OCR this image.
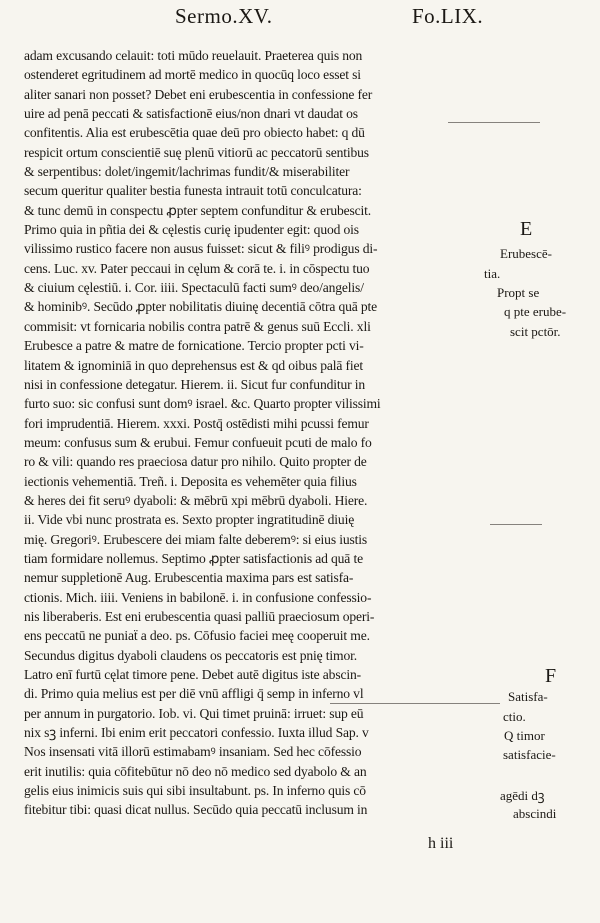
Sermo.XV.	Fo.LIX.
adam excusando celauit: toti mūdo reuelauit. Praeterea quis non
ostenderet egritudinem ad mortē medico in quocūq loco esset si
aliter sanari non posset? Debet eni erubescentia in confessione fer
uire ad penā peccati & satisfactionē eius/non dnari vt daudat os
confitentis. Alia est erubescētia quae deū pro obiecto habet: q dū
respicit ortum conscientiē suę plenū vitiorū ac peccatorū sentibus
& serpentibus: dolet/ingemit/lachrimas fundit/& miserabiliter
secum queritur qualiter bestia funesta intrauit totū conculcatura:
& tunc demū in conspectu ꝓpter septem confunditur & erubescit.
Primo quia in pñtia dei & cęlestis curię ipudenter egit: quod ois
vilissimo rustico facere non ausus fuisset: sicut & filiꝰ prodigus di-
cens. Luc. xv. Pater peccaui in cęlum & corā te. i. in cōspectu tuo
& ciuium cęlestiū. i. Cor. iiii. Spectaculū facti sumꝰ deo/angelis/
& hominibꝰ. Secūdo ꝓpter nobilitatis diuinę decentiā cōtra quā pte
commisit: vt fornicaria nobilis contra patrē & genus suū Eccli. xli
Erubesce a patre & matre de fornicatione. Tercio propter pcti vi-
litatem & ignominiā in quo deprehensus est & qd oibus palā fiet
nisi in confessione detegatur. Hierem. ii. Sicut fur confunditur in
furto suo: sic confusi sunt domꝰ israel. &c. Quarto propter vilissimi
fori imprudentiā. Hierem. xxxi. Postq̄ ostēdisti mihi pcussi femur
meum: confusus sum & erubui. Femur confueuit pcuti de malo fo
ro & vili: quando res praeciosa datur pro nihilo. Quito propter de
iectionis vehementiā. Treñ. i. Deposita es vehemēter quia filius
& heres dei fit seruꝰ dyaboli: & mēbrū xpi mēbrū dyaboli. Hiere.
ii. Vide vbi nunc prostrata es. Sexto propter ingratitudinē diuię
mię. Gregoriꝰ. Erubescere dei miam falte deberemꝰ: si eius iustis
tiam formidare nollemus. Septimo ꝓpter satisfactionis ad quā te
nemur suppletionē Aug. Erubescentia maxima pars est satisfa-
ctionis. Mich. iiii. Veniens in babilonē. i. in confusione confessio-
nis liberaberis. Est eni erubescentia quasi palliū praeciosum operi-
ens peccatū ne puniaẗ a deo. ps. Cōfusio faciei meę cooperuit me.
Secundus digitus dyaboli claudens os peccatoris est pnię timor.
Latro enī furtū cęlat timore pene. Debet autē digitus iste abscin-
di. Primo quia melius est per diē vnū affligi q̄ semp in inferno vl
per annum in purgatorio. Iob. vi. Qui timet pruinā: irruet: sup eū
nix sꝫ inferni. Ibi enim erit peccatori confessio. Iuxta illud Sap. v
Nos insensati vitā illorū estimabamꝰ insaniam. Sed hec cōfessio
erit inutilis: quia cōfitebūtur nō deo nō medico sed dyabolo & an
gelis eius inimicis suis qui sibi insultabunt. ps. In inferno quis cō
fitebitur tibi: quasi dicat nullus. Secūdo quia peccatū inclusum in
E
Erubescē-
tia.
Propt se
q pte erube-
scit pctōr.
F
Satisfa-
ctio.
Q timor
satisfacie-
agēdi dꝫ
abscindi
h iii
